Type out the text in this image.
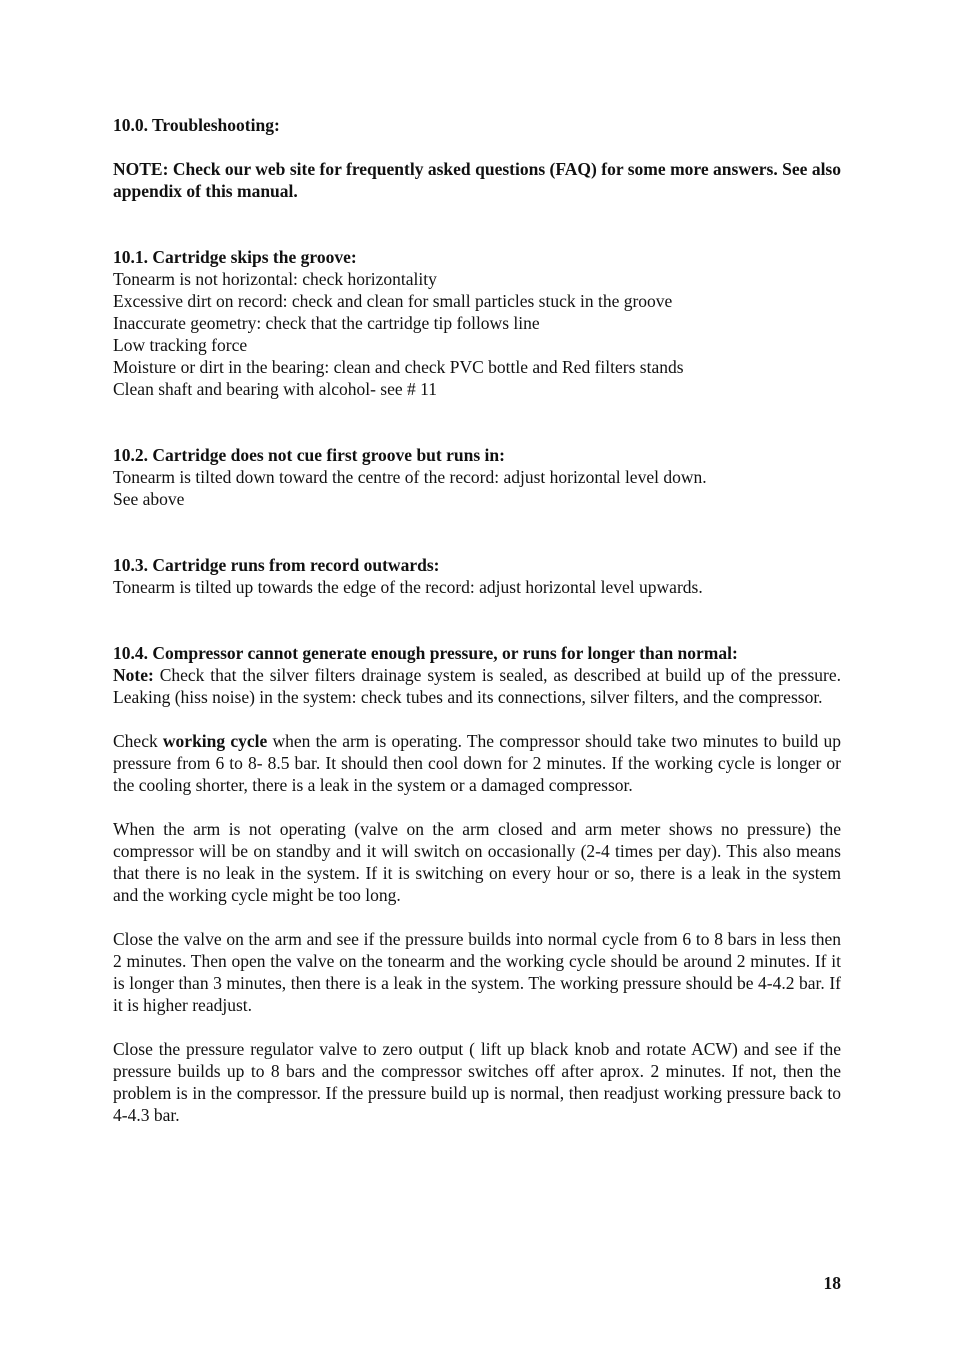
10.0. Troubleshooting:

NOTE: Check our web site for frequently asked questions (FAQ) for some more answers. See also appendix of this manual.

10.1. Cartridge skips the groove:

Tonearm is not horizontal: check horizontality

Excessive dirt on record: check and clean for small particles stuck in the groove

Inaccurate geometry: check that the cartridge tip follows line

Low tracking force

Moisture or dirt in the bearing: clean and check PVC bottle and Red filters stands

Clean shaft and bearing with alcohol- see # 11

10.2. Cartridge does not cue first groove but runs in:

Tonearm is tilted down toward the centre of the record: adjust horizontal level down.

See above

10.3. Cartridge runs from record outwards:

Tonearm is tilted up towards the edge of the record: adjust horizontal level upwards.

10.4. Compressor cannot generate enough pressure, or runs for longer than normal:

Note: Check that the silver filters drainage system is sealed, as described at build up of the pressure. Leaking (hiss noise) in the system: check tubes and its connections, silver filters, and the compressor.

Check working cycle when the arm is operating. The compressor should take two minutes to build up pressure from 6 to 8- 8.5 bar. It should then cool down for 2 minutes. If the working cycle is longer or the cooling shorter, there is a leak in the system or a damaged compressor.

When the arm is not operating (valve on the arm closed and arm meter shows no pressure) the compressor will be on standby and it will switch on occasionally (2-4 times per day). This also means that there is no leak in the system. If it is switching on every hour or so, there is a leak in the system and the working cycle might be too long.

Close the valve on the arm and see if the pressure builds into normal cycle from 6 to 8 bars in less then 2 minutes. Then open the valve on the tonearm and the working cycle should be around 2 minutes. If it is longer than 3 minutes, then there is a leak in the system. The working pressure should be 4-4.2 bar. If it is higher readjust.

Close the pressure regulator valve to zero output ( lift up black knob and rotate ACW) and see if the pressure builds up to 8 bars and the compressor switches off after aprox. 2 minutes. If not, then the problem is in the compressor. If the pressure build up is normal, then readjust working pressure back to 4-4.3 bar.

18
